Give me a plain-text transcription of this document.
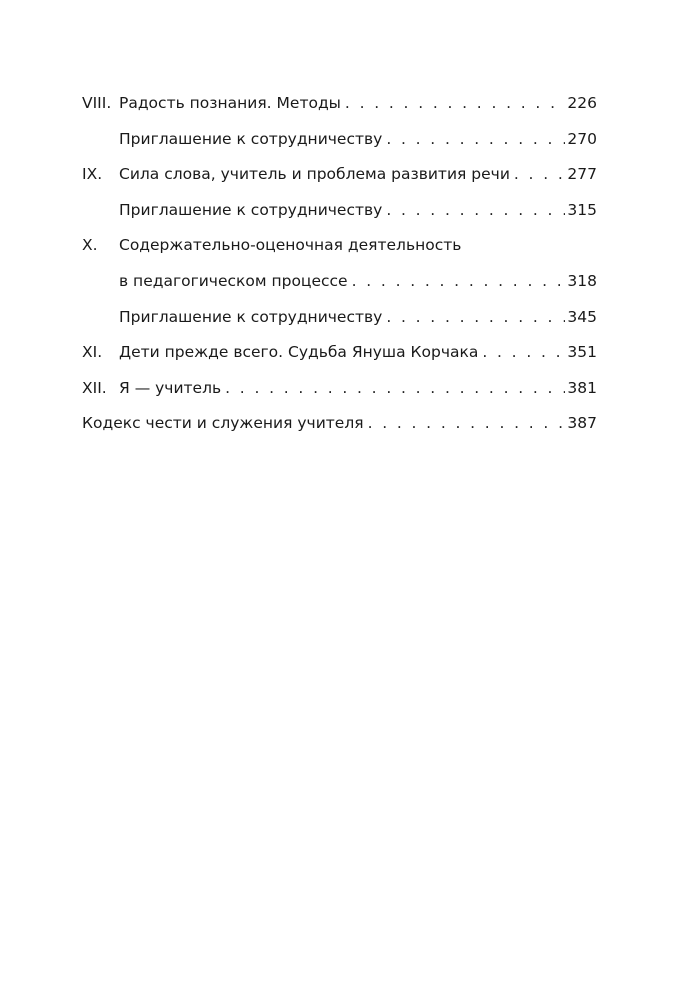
VIII. Радость познания. Методы . . .	226
Приглашение к сотрудничеству . . .	270
IX. Сила слова, учитель и проблема развития речи . . .	277
Приглашение к сотрудничеству . . .	315
X. Содержательно-оценочная деятельность
в педагогическом процессе . . .	318
Приглашение к сотрудничеству . . .	345
XI. Дети прежде всего. Судьба Януша Корчака . . .	351
XII. Я — учитель . . .	381
Кодекс чести и служения учителя . . .	387
